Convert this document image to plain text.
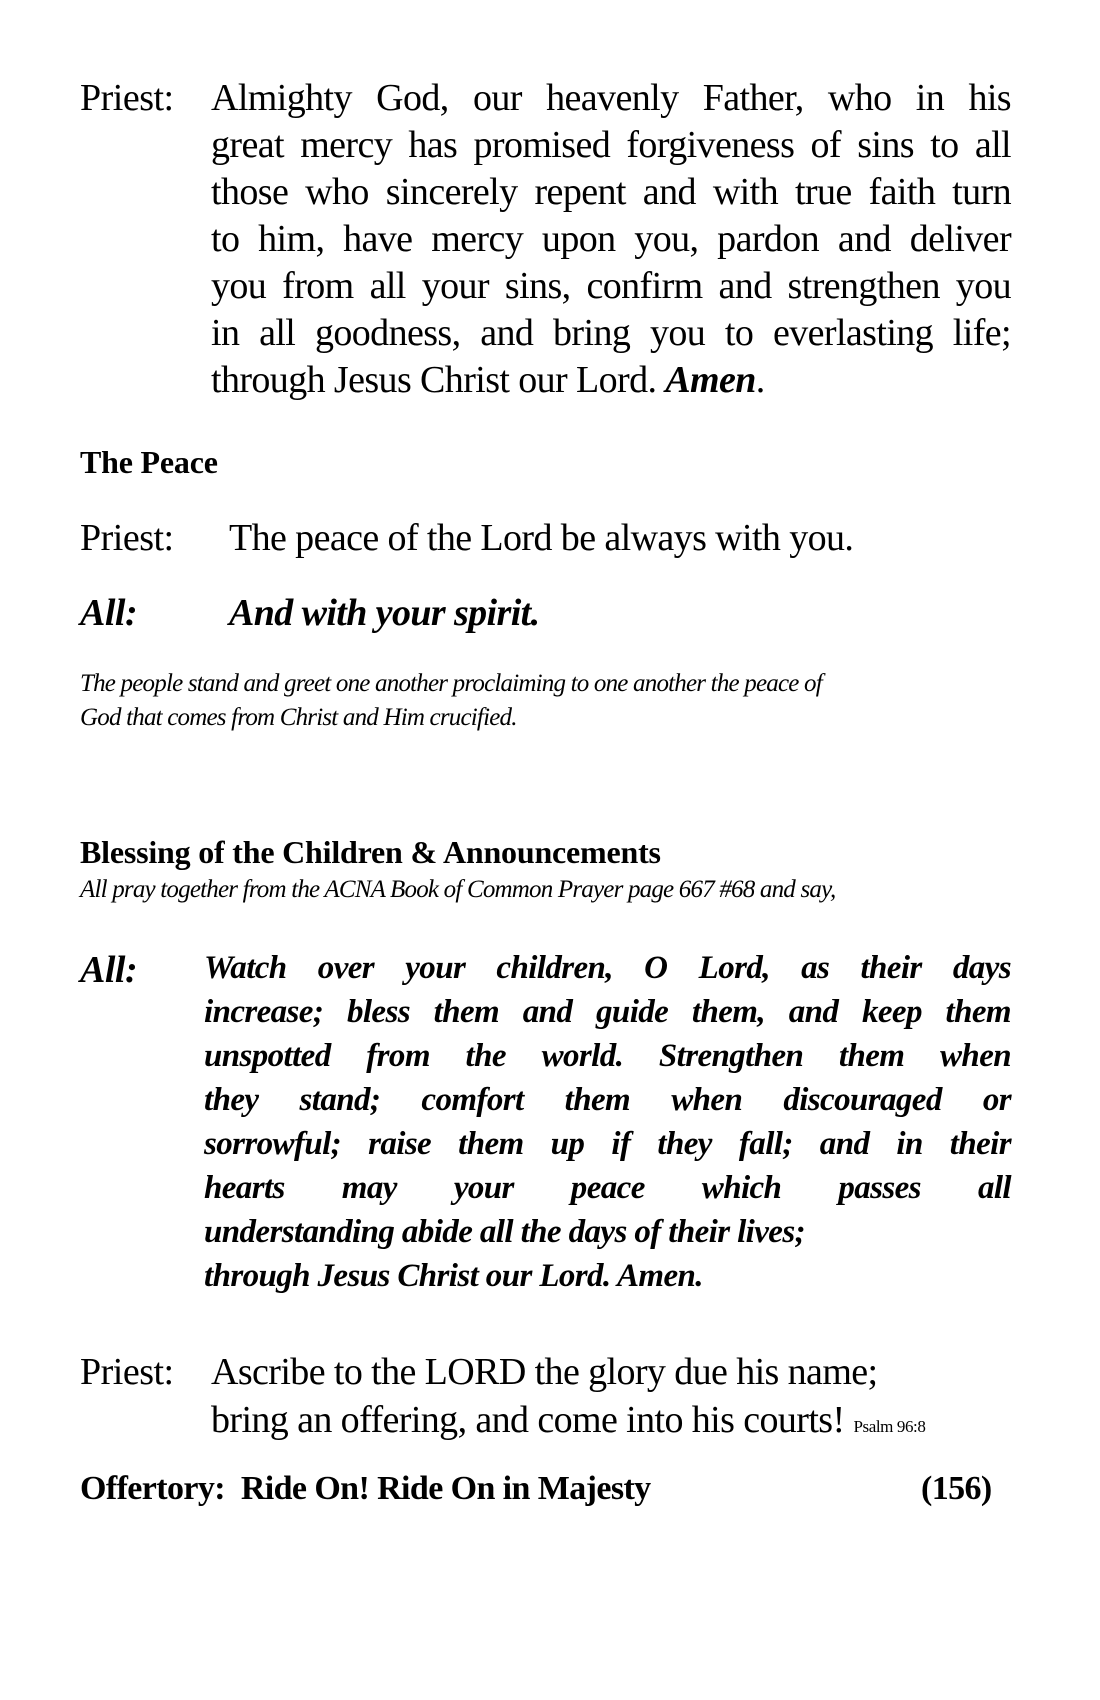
Priest: Almighty God, our heavenly Father, who in his
great mercy has promised forgiveness of sins to all
those who sincerely repent and with true faith turn
to him, have mercy upon you, pardon and deliver
you from all your sins, confirm and strengthen you
in all goodness, and bring you to everlasting life;
through Jesus Christ our Lord. Amen.
The Peace
Priest: The peace of the Lord be always with you.
All: And with your spirit.
The people stand and greet one another proclaiming to one another the peace of
God that comes from Christ and Him crucified.
Blessing of the Children & Announcements
All pray together from the ACNA Book of Common Prayer page 667 #68 and say,
All: Watch over your children, O Lord, as their days
increase; bless them and guide them, and keep them
unspotted from the world. Strengthen them when
they stand; comfort them when discouraged or
sorrowful; raise them up if they fall; and in their
hearts may your peace which passes all
understanding abide all the days of their lives;
through Jesus Christ our Lord. Amen.
Priest: Ascribe to the LORD the glory due his name;
bring an offering, and come into his courts! Psalm 96:8
Offertory: Ride On! Ride On in Majesty	(156)
